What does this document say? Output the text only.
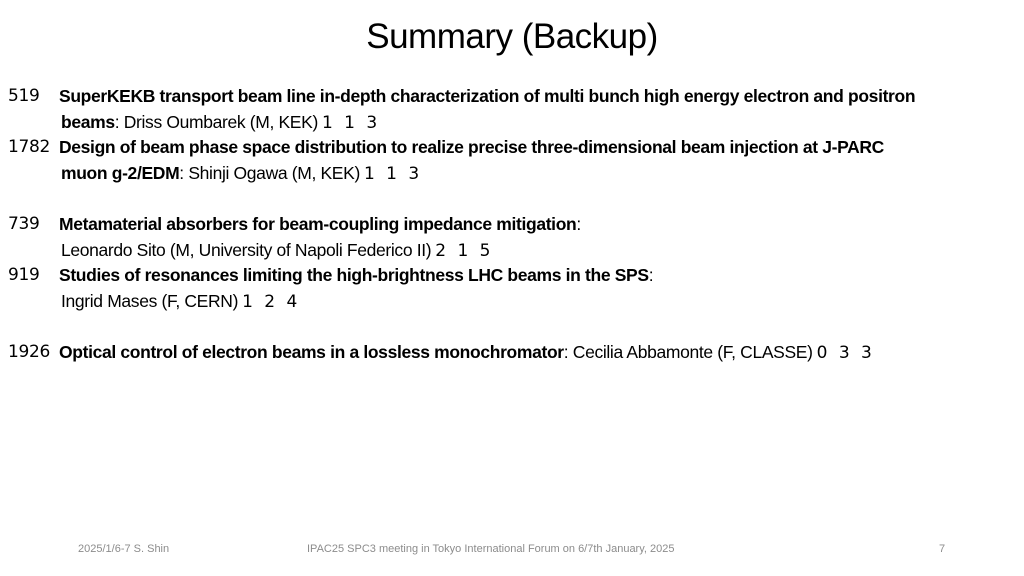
Summary (Backup)
519 SuperKEKB transport beam line in-depth characterization of multi bunch high energy electron and positron
beams: Driss Oumbarek (M, KEK) 1 1 3
1782 Design of beam phase space distribution to realize precise three-dimensional beam injection at J-PARC
muon g-2/EDM: Shinji Ogawa (M, KEK) 1 1 3
739 Metamaterial absorbers for beam-coupling impedance mitigation:
Leonardo Sito (M, University of Napoli Federico II) 2 1 5
919 Studies of resonances limiting the high-brightness LHC beams in the SPS:
Ingrid Mases (F, CERN) 1 2 4
1926 Optical control of electron beams in a lossless monochromator: Cecilia Abbamonte (F, CLASSE) 0 3 3
2025/1/6-7 S. Shin	IPAC25 SPC3 meeting in Tokyo International Forum on 6/7th January, 2025	7
